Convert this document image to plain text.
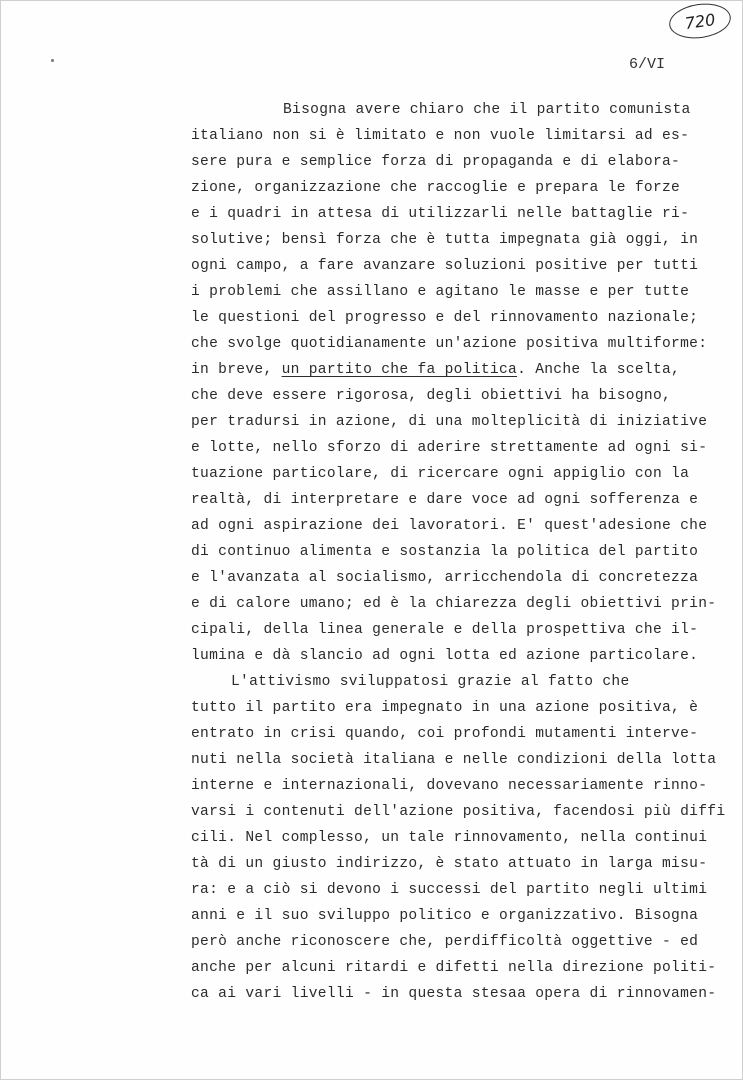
720
6/VI
Bisogna avere chiaro che il partito comunista
italiano non si è limitato e non vuole limitarsi ad es-
sere pura e semplice forza di propaganda e di elabora-
zione, organizzazione che raccoglie e prepara le forze
e i quadri in attesa di utilizzarli nelle battaglie ri-
solutive; bensì forza che è tutta impegnata già oggi, in
ogni campo, a fare avanzare soluzioni positive per tutti
i problemi che assillano e agitano le masse e per tutte
le questioni del progresso e del rinnovamento nazionale;
che svolge quotidianamente un'azione positiva multiforme:
in breve, un partito che fa politica. Anche la scelta,
che deve essere rigorosa, degli obiettivi ha bisogno,
per tradursi in azione, di una molteplicità di iniziative
e lotte, nello sforzo di aderire strettamente ad ogni si-
tuazione particolare, di ricercare ogni appiglio con la
realtà, di interpretare e dare voce ad ogni sofferenza e
ad ogni aspirazione dei lavoratori. E' quest'adesione che
di continuo alimenta e sostanzia la politica del partito
e l'avanzata al socialismo, arricchendola di concretezza
e di calore umano; ed è la chiarezza degli obiettivi prin-
cipali, della linea generale e della prospettiva che il-
lumina e dà slancio ad ogni lotta ed azione particolare.
L'attivismo sviluppatosi grazie al fatto che
tutto il partito era impegnato in una azione positiva, è
entrato in crisi quando, coi profondi mutamenti interve-
nuti nella società italiana e nelle condizioni della lotta
interne e internazionali, dovevano necessariamente rinno-
varsi i contenuti dell'azione positiva, facendosi più diffi
cili. Nel complesso, un tale rinnovamento, nella continui
tà di un giusto indirizzo, è stato attuato in larga misu-
ra: e a ciò si devono i successi del partito negli ultimi
anni e il suo sviluppo politico e organizzativo. Bisogna
però anche riconoscere che, perdifficoltà oggettive - ed
anche per alcuni ritardi e difetti nella direzione politi-
ca ai vari livelli - in questa stesaa opera di rinnovamen-
